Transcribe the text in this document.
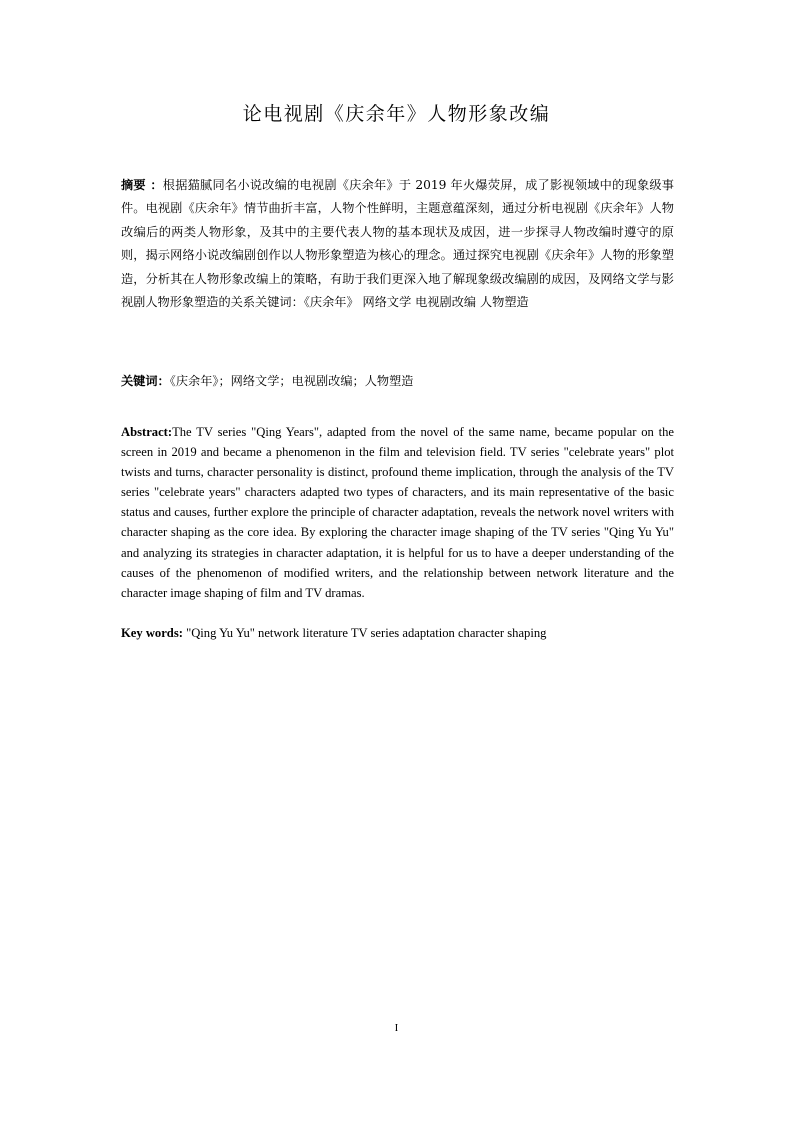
论电视剧《庆余年》人物形象改编
摘要 ：根据猫腻同名小说改编的电视剧《庆余年》于 2019 年火爆荧屏，成了影视领域中的现象级事件。电视剧《庆余年》情节曲折丰富，人物个性鲜明，主题意蕴深刻，通过分析电视剧《庆余年》人物改编后的两类人物形象，及其中的主要代表人物的基本现状及成因，进一步探寻人物改编时遵守的原则，揭示网络小说改编剧创作以人物形象塑造为核心的理念。通过探究电视剧《庆余年》人物的形象塑造，分析其在人物形象改编上的策略，有助于我们更深入地了解现象级改编剧的成因，及网络文学与影视剧人物形象塑造的关系关键词：《庆余年》 网络文学 电视剧改编 人物塑造
关键词：《庆余年》；网络文学；电视剧改编；人物塑造
Abstract:The TV series "Qing Years", adapted from the novel of the same name, became popular on the screen in 2019 and became a phenomenon in the film and television field. TV series "celebrate years" plot twists and turns, character personality is distinct, profound theme implication, through the analysis of the TV series "celebrate years" characters adapted two types of characters, and its main representative of the basic status and causes, further explore the principle of character adaptation, reveals the network novel writers with character shaping as the core idea. By exploring the character image shaping of the TV series "Qing Yu Yu" and analyzing its strategies in character adaptation, it is helpful for us to have a deeper understanding of the causes of the phenomenon of modified writers, and the relationship between network literature and the character image shaping of film and TV dramas.
Key words: "Qing Yu Yu" network literature TV series adaptation character shaping
I
